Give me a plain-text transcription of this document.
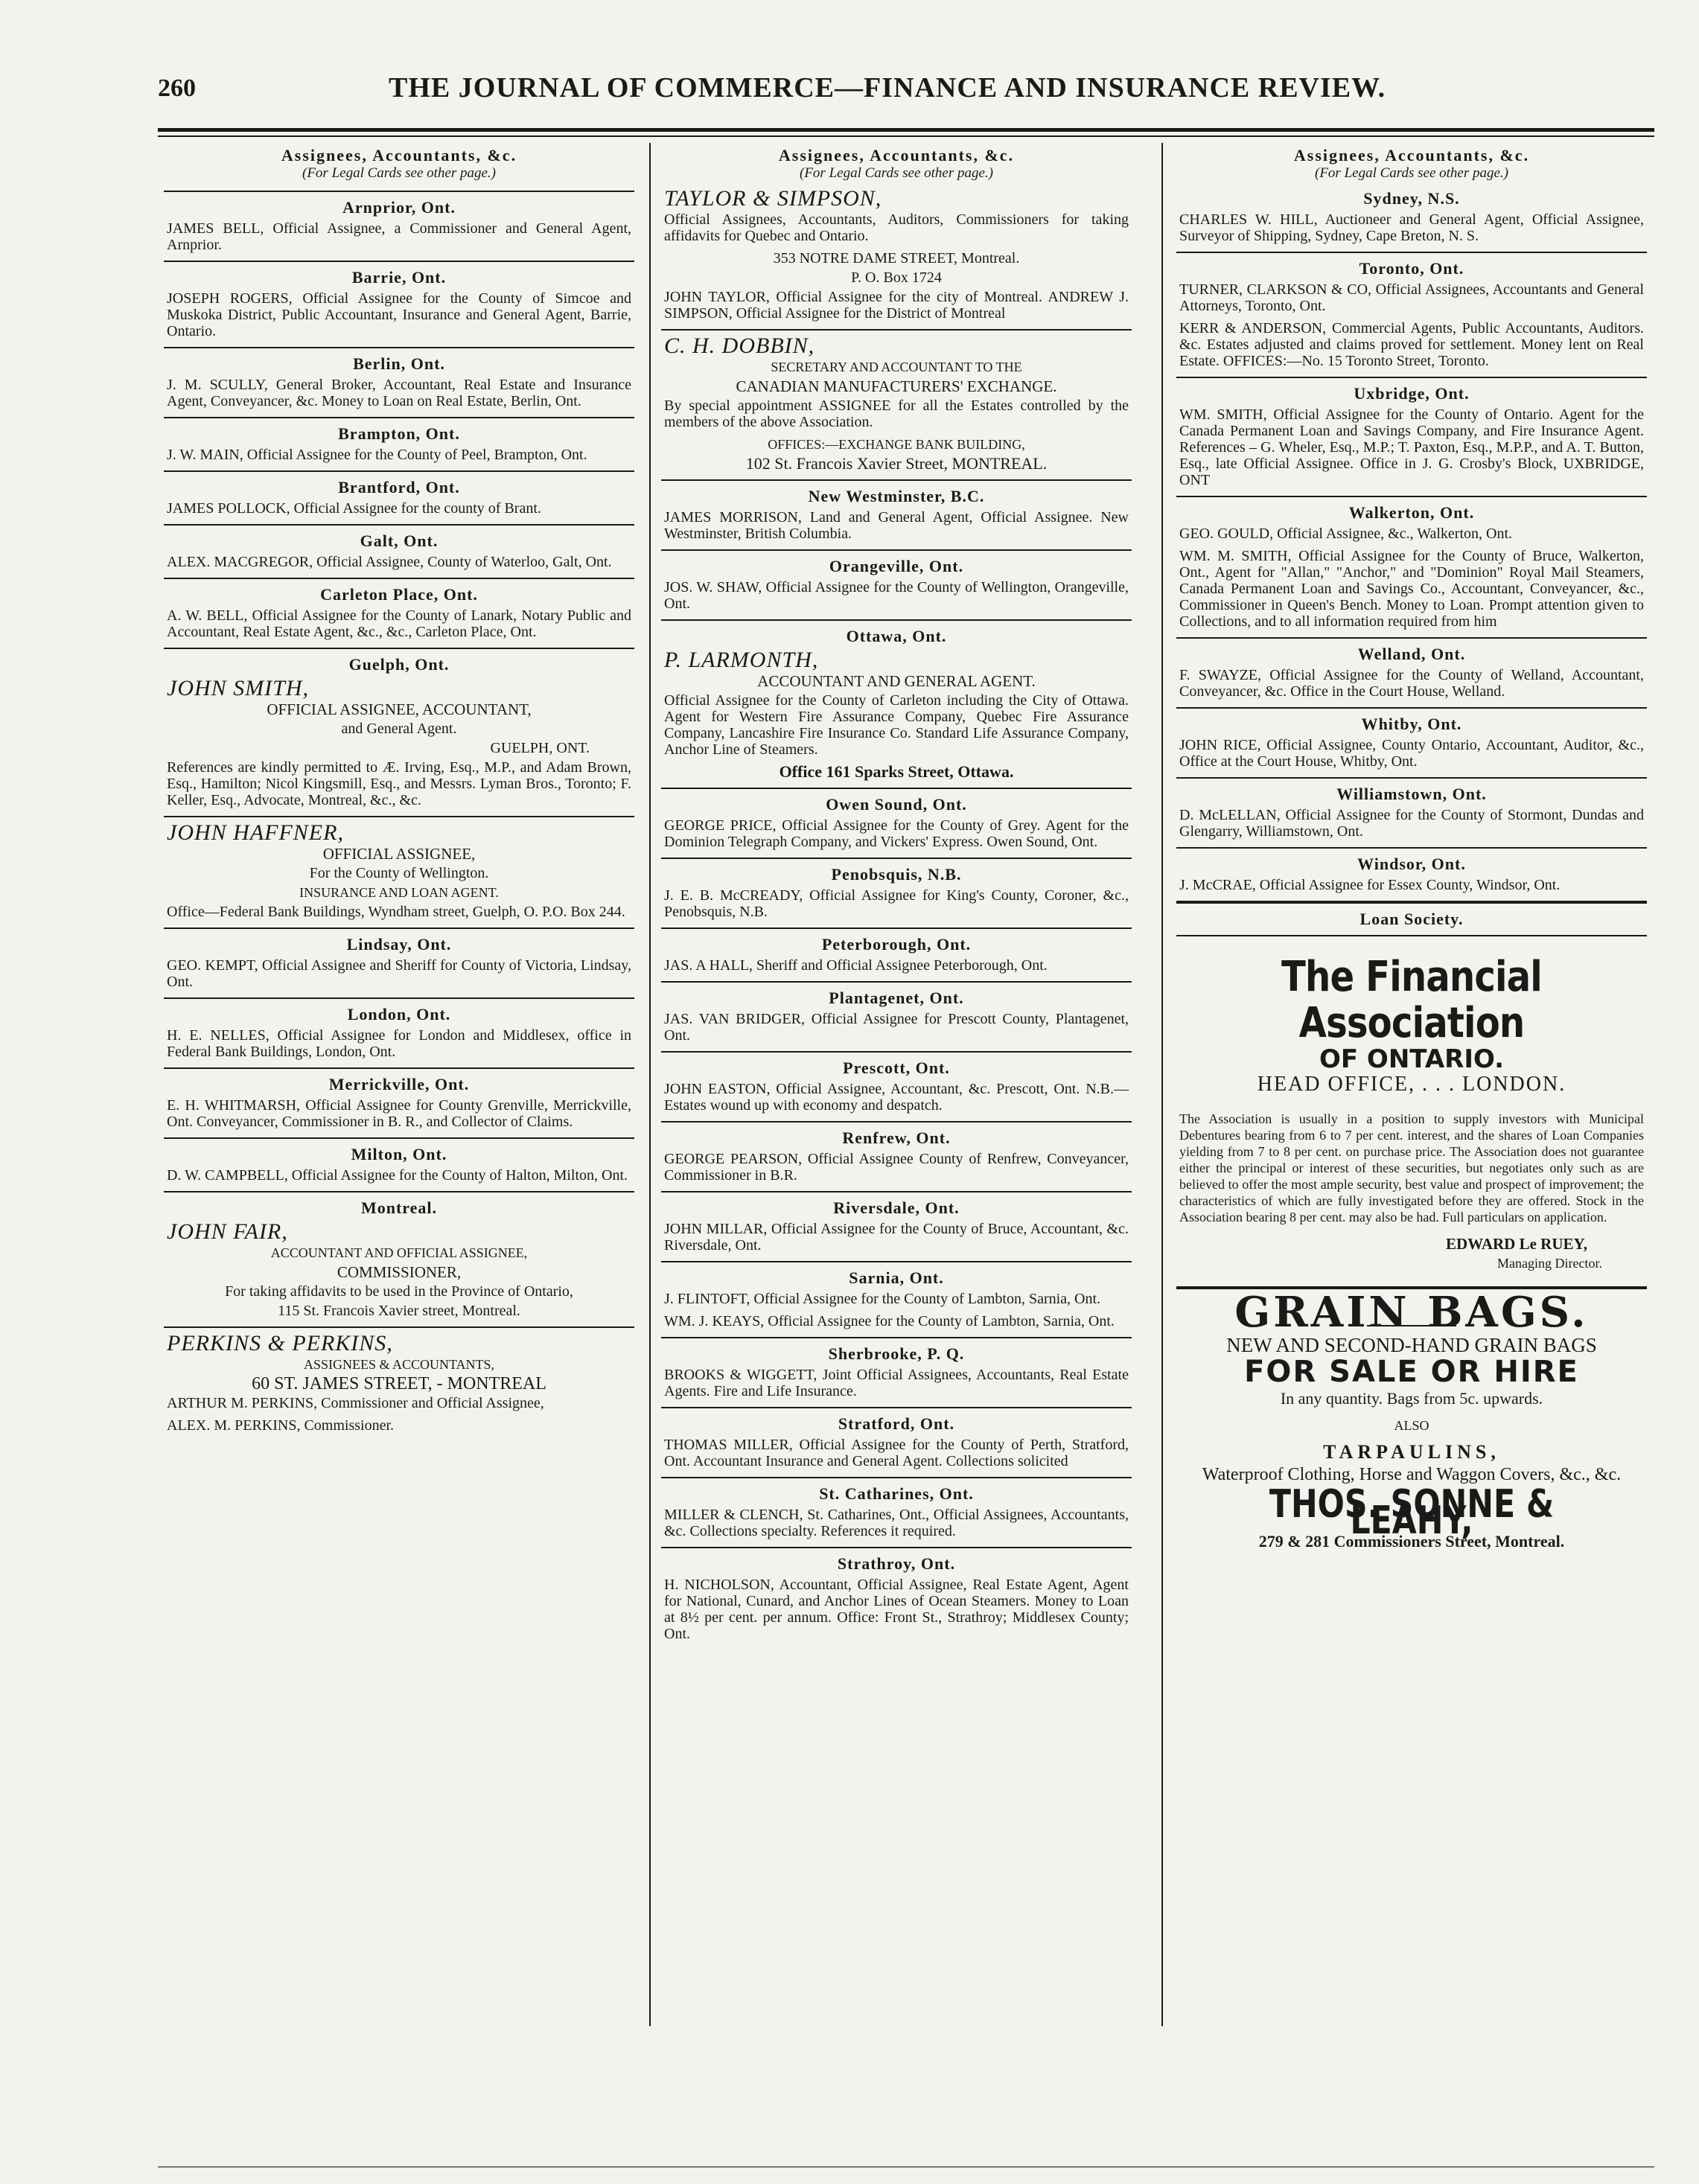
260	THE JOURNAL OF COMMERCE—FINANCE AND INSURANCE REVIEW.
Assignees, Accountants, &c.
(For Legal Cards see other page.)
Arnprior, Ont.
JAMES BELL, Official Assignee, a Commissioner and General Agent, Arnprior.
Barrie, Ont.
JOSEPH ROGERS, Official Assignee for the County of Simcoe and Muskoka District, Public Accountant, Insurance and General Agent, Barrie, Ontario.
Berlin, Ont.
J. M. SCULLY, General Broker, Accountant, Real Estate and Insurance Agent, Conveyancer, &c. Money to Loan on Real Estate, Berlin, Ont.
Brampton, Ont.
J. W. MAIN, Official Assignee for the County of Peel, Brampton, Ont.
Brantford, Ont.
JAMES POLLOCK, Official Assignee for the county of Brant.
Galt, Ont.
ALEX. MACGREGOR, Official Assignee, County of Waterloo, Galt, Ont.
Carleton Place, Ont.
A. W. BELL, Official Assignee for the County of Lanark, Notary Public and Accountant, Real Estate Agent, &c., &c., Carleton Place, Ont.
Guelph, Ont.
JOHN SMITH,
OFFICIAL ASSIGNEE, ACCOUNTANT,
and General Agent.
GUELPH, ONT.
References are kindly permitted to Æ. Irving, Esq., M.P., and Adam Brown, Esq., Hamilton; Nicol Kingsmill, Esq., and Messrs. Lyman Bros., Toronto; F. Keller, Esq., Advocate, Montreal, &c., &c.
JOHN HAFFNER,
OFFICIAL ASSIGNEE,
For the County of Wellington.
INSURANCE AND LOAN AGENT.
Office—Federal Bank Buildings, Wyndham street, Guelph, O. P.O. Box 244.
Lindsay, Ont.
GEO. KEMPT, Official Assignee and Sheriff for County of Victoria, Lindsay, Ont.
London, Ont.
H. E. NELLES, Official Assignee for London and Middlesex, office in Federal Bank Buildings, London, Ont.
Merrickville, Ont.
E. H. WHITMARSH, Official Assignee for County Grenville, Merrickville, Ont. Conveyancer, Commissioner in B. R., and Collector of Claims.
Milton, Ont.
D. W. CAMPBELL, Official Assignee for the County of Halton, Milton, Ont.
Montreal.
JOHN FAIR,
ACCOUNTANT AND OFFICIAL ASSIGNEE,
COMMISSIONER,
For taking affidavits to be used in the Province of Ontario,
115 St. Francois Xavier street, Montreal.
PERKINS & PERKINS,
ASSIGNEES & ACCOUNTANTS,
60 ST. JAMES STREET, - MONTREAL
ARTHUR M. PERKINS, Commissioner and Official Assignee,
ALEX. M. PERKINS, Commissioner.
Assignees, Accountants, &c.
(For Legal Cards see other page.)
TAYLOR & SIMPSON,
Official Assignees, Accountants, Auditors, Commissioners for taking affidavits for Quebec and Ontario.
353 NOTRE DAME STREET, Montreal.
P. O. Box 1724
JOHN TAYLOR, Official Assignee for the city of Montreal. ANDREW J. SIMPSON, Official Assignee for the District of Montreal
C. H. DOBBIN,
SECRETARY AND ACCOUNTANT TO THE
CANADIAN MANUFACTURERS' EXCHANGE.
By special appointment ASSIGNEE for all the Estates controlled by the members of the above Association.
OFFICES:—EXCHANGE BANK BUILDING,
102 St. Francois Xavier Street, MONTREAL.
New Westminster, B.C.
JAMES MORRISON, Land and General Agent, Official Assignee. New Westminster, British Columbia.
Orangeville, Ont.
JOS. W. SHAW, Official Assignee for the County of Wellington, Orangeville, Ont.
Ottawa, Ont.
P. LARMONTH,
ACCOUNTANT AND GENERAL AGENT.
Official Assignee for the County of Carleton including the City of Ottawa. Agent for Western Fire Assurance Company, Quebec Fire Assurance Company, Lancashire Fire Insurance Co. Standard Life Assurance Company, Anchor Line of Steamers.
Office 161 Sparks Street, Ottawa.
Owen Sound, Ont.
GEORGE PRICE, Official Assignee for the County of Grey. Agent for the Dominion Telegraph Company, and Vickers' Express. Owen Sound, Ont.
Penobsquis, N.B.
J. E. B. McCREADY, Official Assignee for King's County, Coroner, &c., Penobsquis, N.B.
Peterborough, Ont.
JAS. A HALL, Sheriff and Official Assignee Peterborough, Ont.
Plantagenet, Ont.
JAS. VAN BRIDGER, Official Assignee for Prescott County, Plantagenet, Ont.
Prescott, Ont.
JOHN EASTON, Official Assignee, Accountant, &c. Prescott, Ont. N.B.—Estates wound up with economy and despatch.
Renfrew, Ont.
GEORGE PEARSON, Official Assignee County of Renfrew, Conveyancer, Commissioner in B.R.
Riversdale, Ont.
JOHN MILLAR, Official Assignee for the County of Bruce, Accountant, &c. Riversdale, Ont.
Sarnia, Ont.
J. FLINTOFT, Official Assignee for the County of Lambton, Sarnia, Ont.
WM. J. KEAYS, Official Assignee for the County of Lambton, Sarnia, Ont.
Sherbrooke, P. Q.
BROOKS & WIGGETT, Joint Official Assignees, Accountants, Real Estate Agents. Fire and Life Insurance.
Stratford, Ont.
THOMAS MILLER, Official Assignee for the County of Perth, Stratford, Ont. Accountant Insurance and General Agent. Collections solicited
St. Catharines, Ont.
MILLER & CLENCH, St. Catharines, Ont., Official Assignees, Accountants, &c. Collections specialty. References it required.
Strathroy, Ont.
H. NICHOLSON, Accountant, Official Assignee, Real Estate Agent, Agent for National, Cunard, and Anchor Lines of Ocean Steamers. Money to Loan at 8½ per cent. per annum. Office: Front St., Strathroy; Middlesex County; Ont.
Assignees, Accountants, &c.
(For Legal Cards see other page.)
Sydney, N.S.
CHARLES W. HILL, Auctioneer and General Agent, Official Assignee, Surveyor of Shipping, Sydney, Cape Breton, N. S.
Toronto, Ont.
TURNER, CLARKSON & CO, Official Assignees, Accountants and General Attorneys, Toronto, Ont.
KERR & ANDERSON, Commercial Agents, Public Accountants, Auditors. &c. Estates adjusted and claims proved for settlement. Money lent on Real Estate. OFFICES:—No. 15 Toronto Street, Toronto.
Uxbridge, Ont.
WM. SMITH, Official Assignee for the County of Ontario. Agent for the Canada Permanent Loan and Savings Company, and Fire Insurance Agent. References – G. Wheler, Esq., M.P.; T. Paxton, Esq., M.P.P., and A. T. Button, Esq., late Official Assignee. Office in J. G. Crosby's Block, UXBRIDGE, ONT
Walkerton, Ont.
GEO. GOULD, Official Assignee, &c., Walkerton, Ont.
WM. M. SMITH, Official Assignee for the County of Bruce, Walkerton, Ont., Agent for "Allan," "Anchor," and "Dominion" Royal Mail Steamers, Canada Permanent Loan and Savings Co., Accountant, Conveyancer, &c., Commissioner in Queen's Bench. Money to Loan. Prompt attention given to Collections, and to all information required from him
Welland, Ont.
F. SWAYZE, Official Assignee for the County of Welland, Accountant, Conveyancer, &c. Office in the Court House, Welland.
Whitby, Ont.
JOHN RICE, Official Assignee, County Ontario, Accountant, Auditor, &c., Office at the Court House, Whitby, Ont.
Williamstown, Ont.
D. McLELLAN, Official Assignee for the County of Stormont, Dundas and Glengarry, Williamstown, Ont.
Windsor, Ont.
J. McCRAE, Official Assignee for Essex County, Windsor, Ont.
Loan Society.
The Financial Association
OF ONTARIO.
HEAD OFFICE, . . . LONDON.
The Association is usually in a position to supply investors with Municipal Debentures bearing from 6 to 7 per cent. interest, and the shares of Loan Companies yielding from 7 to 8 per cent. on purchase price. The Association does not guarantee either the principal or interest of these securities, but negotiates only such as are believed to offer the most ample security, best value and prospect of improvement; the characteristics of which are fully investigated before they are offered. Stock in the Association bearing 8 per cent. may also be had. Full particulars on application.
EDWARD Le RUEY,
Managing Director.
GRAIN BAGS.
NEW AND SECOND-HAND GRAIN BAGS
FOR SALE OR HIRE
In any quantity. Bags from 5c. upwards.
ALSO
TARPAULINS,
Waterproof Clothing, Horse and Waggon Covers, &c., &c.
THOS. SONNE & LEAHY,
279 & 281 Commissioners Street, Montreal.
